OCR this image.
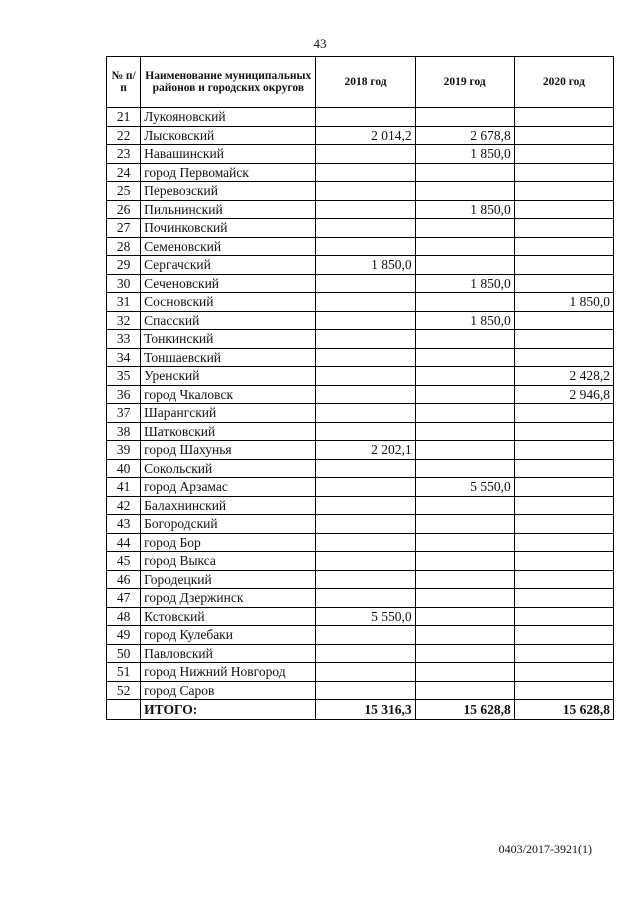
43
№ п/п	Наименование муниципальных районов и городских округов	2018 год	2019 год	2020 год
21	Лукояновский			
22	Лысковский	2 014,2	2 678,8	
23	Навашинский		1 850,0	
24	город Первомайск			
25	Перевозский			
26	Пильнинский		1 850,0	
27	Починковский			
28	Семеновский			
29	Сергачский	1 850,0		
30	Сеченовский		1 850,0	
31	Сосновский			1 850,0
32	Спасский		1 850,0	
33	Тонкинский			
34	Тоншаевский			
35	Уренский			2 428,2
36	город Чкаловск			2 946,8
37	Шарангский			
38	Шатковский			
39	город Шахунья	2 202,1		
40	Сокольский			
41	город Арзамас		5 550,0	
42	Балахнинский			
43	Богородский			
44	город Бор			
45	город Выкса			
46	Городецкий			
47	город Дзержинск			
48	Кстовский	5 550,0		
49	город Кулебаки			
50	Павловский			
51	город Нижний Новгород			
52	город Саров			
	ИТОГО:	15 316,3	15 628,8	15 628,8
0403/2017-3921(1)
